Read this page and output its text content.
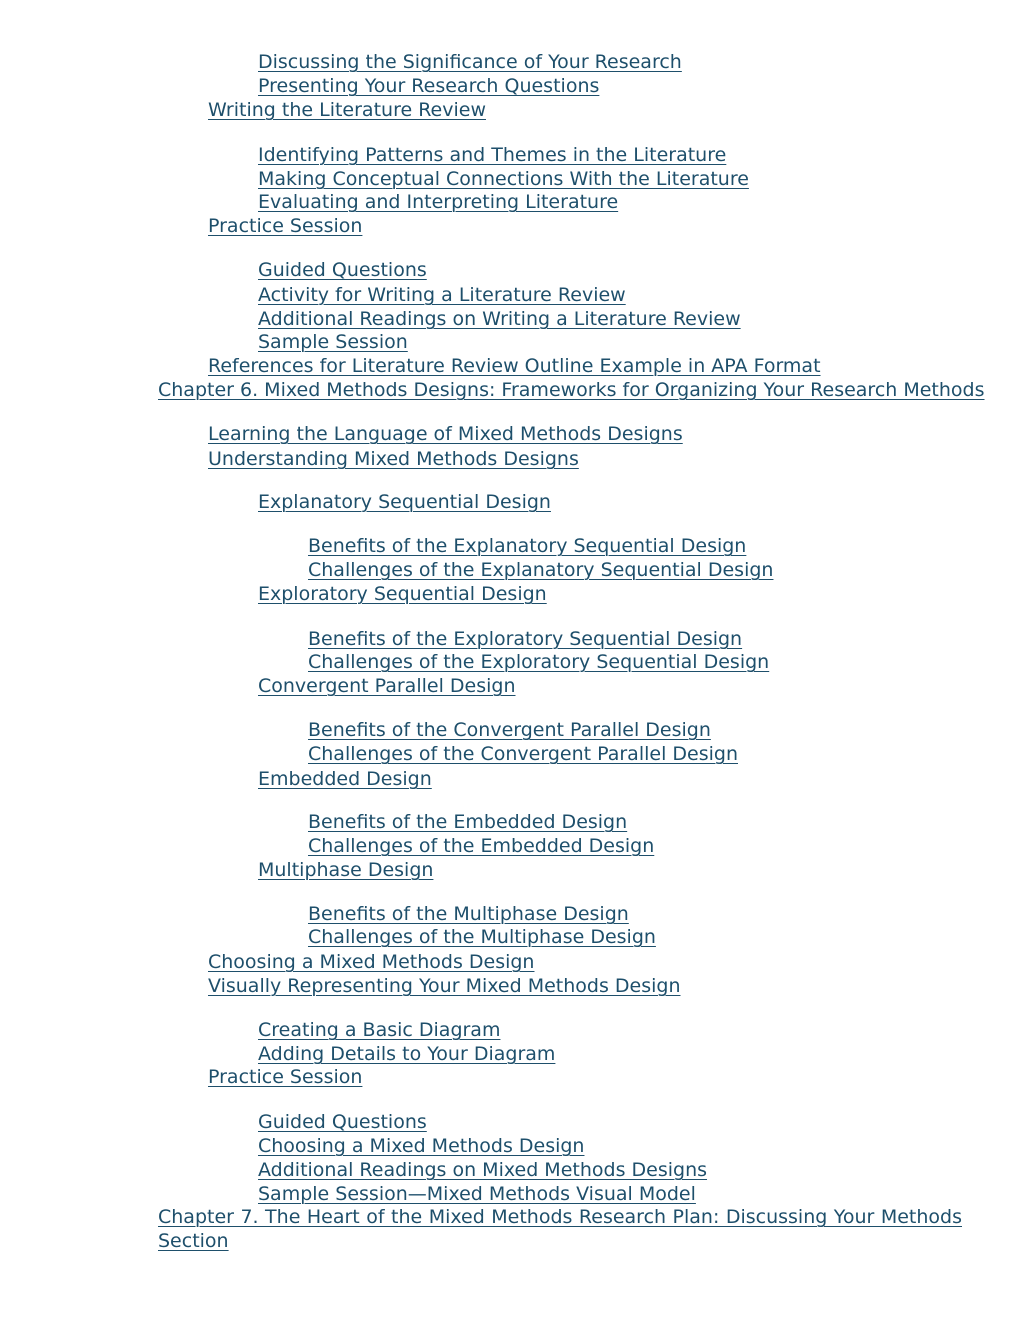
Discussing the Significance of Your Research
Presenting Your Research Questions
Writing the Literature Review
Identifying Patterns and Themes in the Literature
Making Conceptual Connections With the Literature
Evaluating and Interpreting Literature
Practice Session
Guided Questions
Activity for Writing a Literature Review
Additional Readings on Writing a Literature Review
Sample Session
References for Literature Review Outline Example in APA Format
Chapter 6. Mixed Methods Designs: Frameworks for Organizing Your Research Methods
Learning the Language of Mixed Methods Designs
Understanding Mixed Methods Designs
Explanatory Sequential Design
Benefits of the Explanatory Sequential Design
Challenges of the Explanatory Sequential Design
Exploratory Sequential Design
Benefits of the Exploratory Sequential Design
Challenges of the Exploratory Sequential Design
Convergent Parallel Design
Benefits of the Convergent Parallel Design
Challenges of the Convergent Parallel Design
Embedded Design
Benefits of the Embedded Design
Challenges of the Embedded Design
Multiphase Design
Benefits of the Multiphase Design
Challenges of the Multiphase Design
Choosing a Mixed Methods Design
Visually Representing Your Mixed Methods Design
Creating a Basic Diagram
Adding Details to Your Diagram
Practice Session
Guided Questions
Choosing a Mixed Methods Design
Additional Readings on Mixed Methods Designs
Sample Session—Mixed Methods Visual Model
Chapter 7. The Heart of the Mixed Methods Research Plan: Discussing Your Methods Section
